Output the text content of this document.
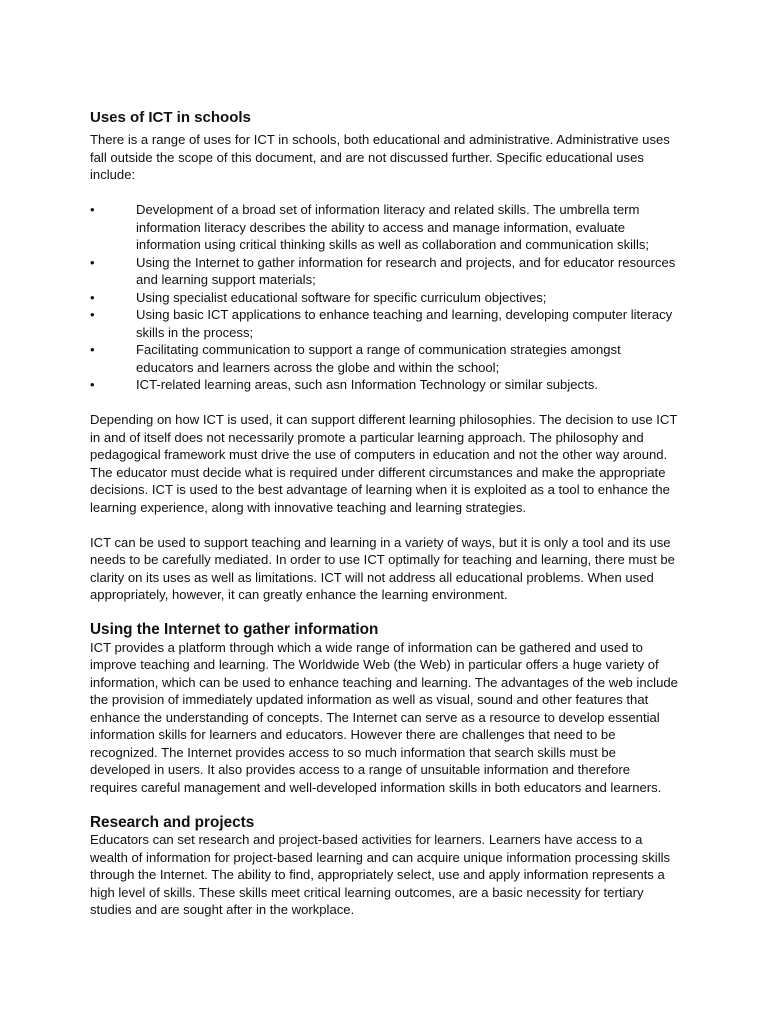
Uses of ICT in schools

There is a range of uses for ICT in schools, both educational and administrative. Administrative uses fall outside the scope of this document, and are not discussed further. Specific educational uses include:

•	Development of a broad set of information literacy and related skills. The umbrella term information literacy describes the ability to access and manage information, evaluate information using critical thinking skills as well as collaboration and communication skills;
•	Using the Internet to gather information for research and projects, and for educator resources and learning support materials;
•	Using specialist educational software for specific curriculum objectives;
•	Using basic ICT applications to enhance teaching and learning, developing computer literacy skills in the process;
•	Facilitating communication to support a range of communication strategies amongst educators and learners across the globe and within the school;
•	ICT-related learning areas, such asn Information Technology or similar subjects.

Depending on how ICT is used, it can support different learning philosophies. The decision to use ICT in and of itself does not necessarily promote a particular learning approach. The philosophy and pedagogical framework must drive the use of computers in education and not the other way around. The educator must decide what is required under different circumstances and make the appropriate decisions. ICT is used to the best advantage of learning when it is exploited as a tool to enhance the learning experience, along with innovative teaching and learning strategies.

ICT can be used to support teaching and learning in a variety of ways, but it is only a tool and its use needs to be carefully mediated. In order to use ICT optimally for teaching and learning, there must be clarity on its uses as well as limitations. ICT will not address all educational problems. When used appropriately, however, it can greatly enhance the learning environment.

Using the Internet to gather information

ICT provides a platform through which a wide range of information can be gathered and used to improve teaching and learning. The Worldwide Web (the Web) in particular offers a huge variety of information, which can be used to enhance teaching and learning. The advantages of the web include the provision of immediately updated information as well as visual, sound and other features that enhance the understanding of concepts. The Internet can serve as a resource to develop essential information skills for learners and educators. However there are challenges that need to be recognized. The Internet provides access to so much information that search skills must be developed in users. It also provides access to a range of unsuitable information and therefore requires careful management and well-developed information skills in both educators and learners.

Research and projects

Educators can set research and project-based activities for learners. Learners have access to a wealth of information for project-based learning and can acquire unique information processing skills through the Internet. The ability to find, appropriately select, use and apply information represents a high level of skills. These skills meet critical learning outcomes, are a basic necessity for tertiary studies and are sought after in the workplace.
